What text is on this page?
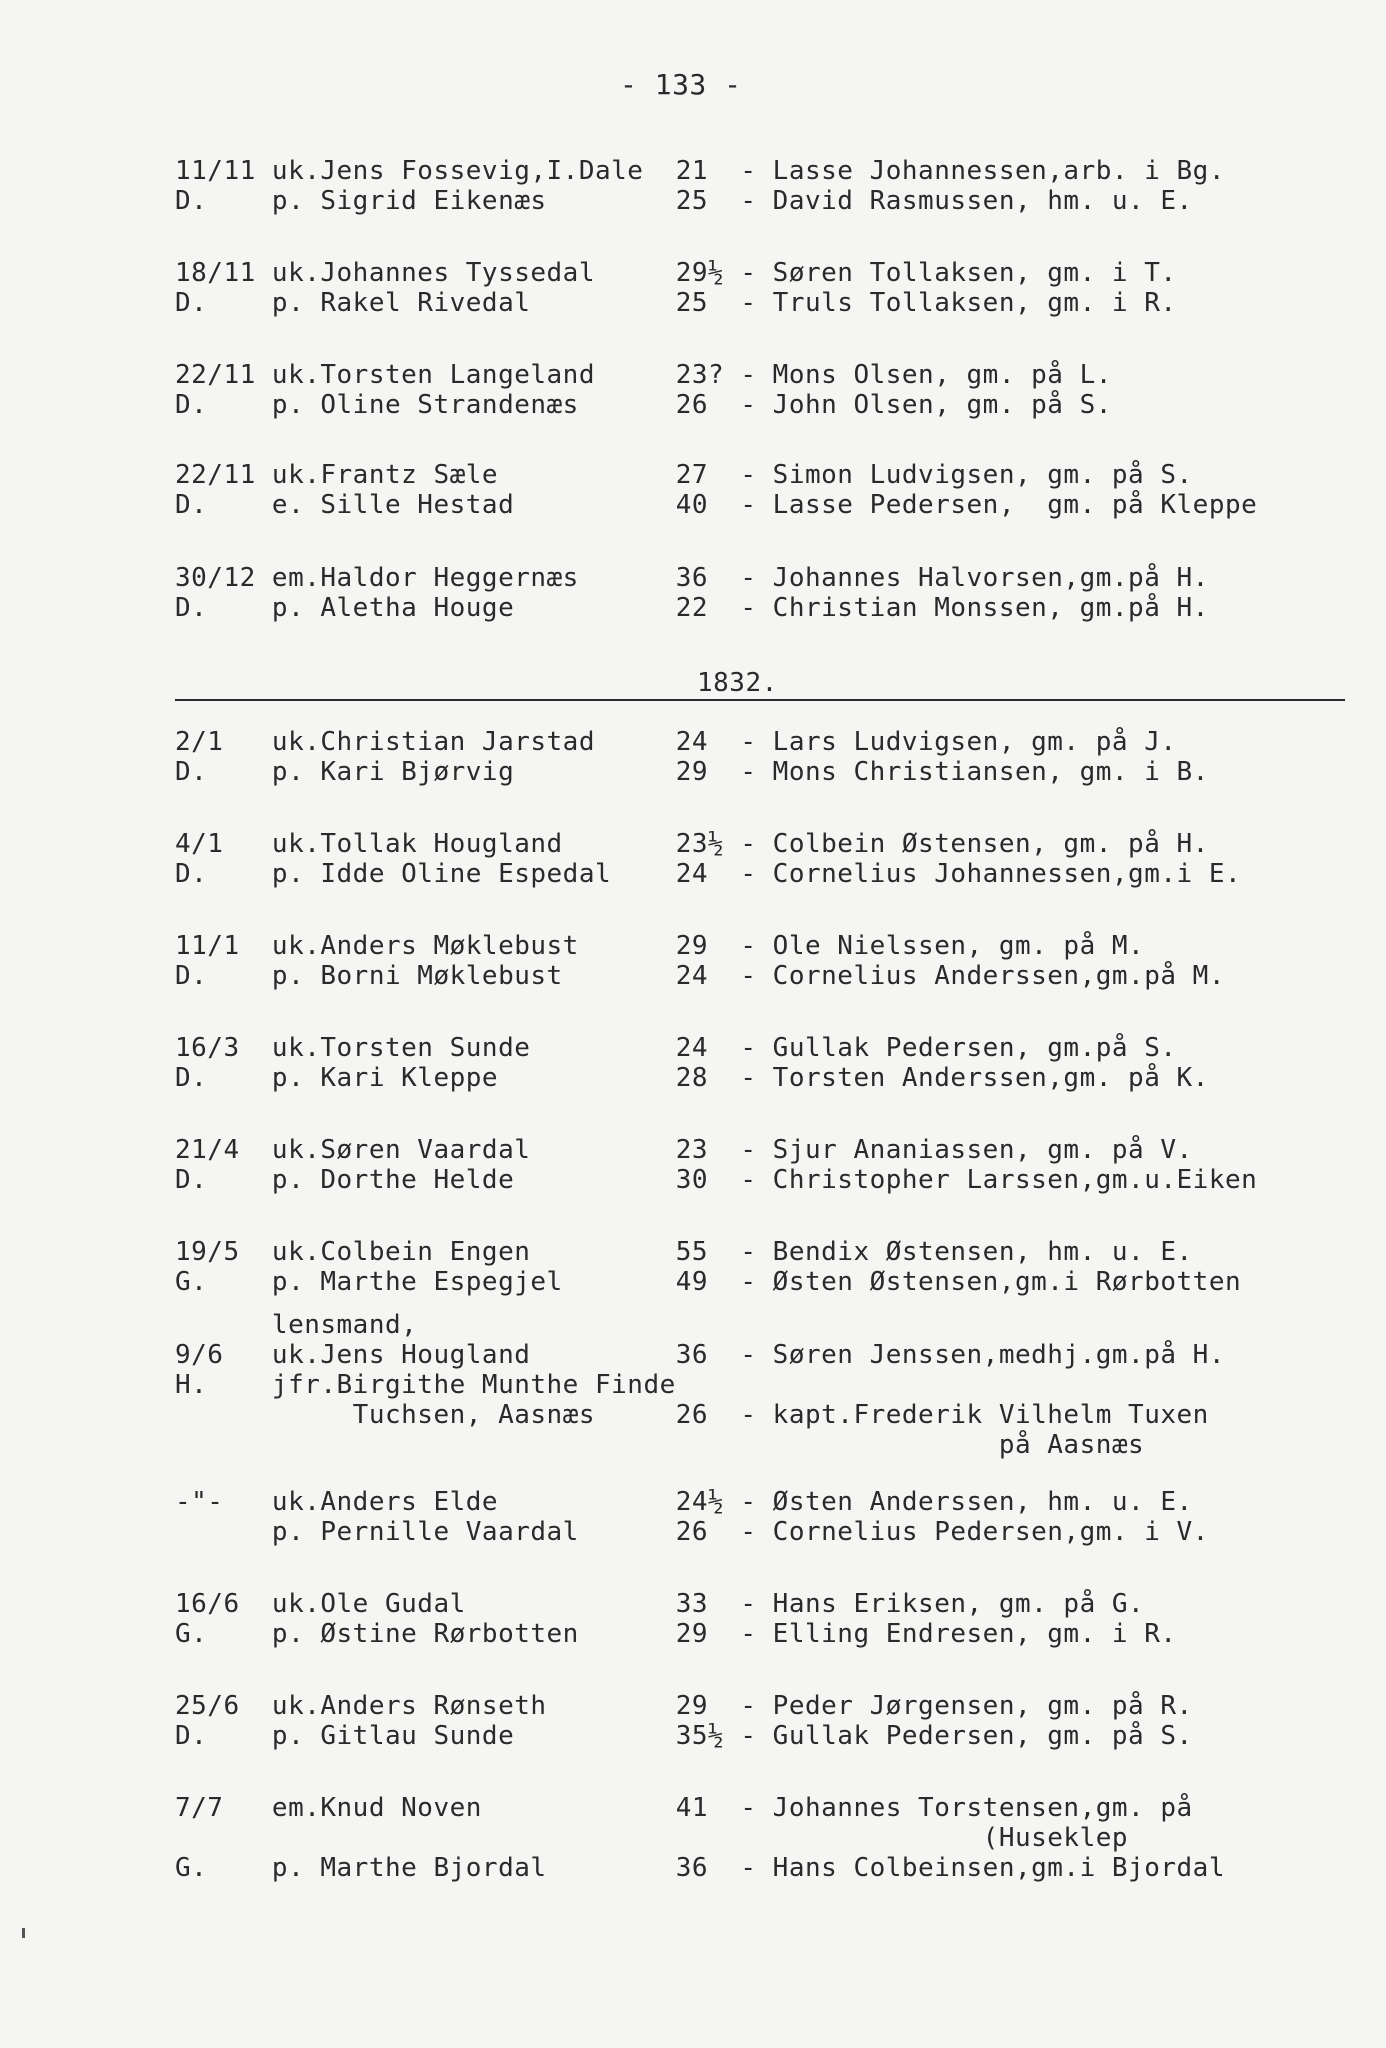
- 133 -
11/11 uk.Jens Fossevig,I.Dale  21  - Lasse Johannessen,arb. i Bg.
D.    p. Sigrid Eikenæs        25  - David Rasmussen, hm. u. E.
18/11 uk.Johannes Tyssedal     29½ - Søren Tollaksen, gm. i T.
D.    p. Rakel Rivedal         25  - Truls Tollaksen, gm. i R.
22/11 uk.Torsten Langeland     23? - Mons Olsen, gm. på L.
D.    p. Oline Strandenæs      26  - John Olsen, gm. på S.
22/11 uk.Frantz Sæle           27  - Simon Ludvigsen, gm. på S.
D.    e. Sille Hestad          40  - Lasse Pedersen,  gm. på Kleppe
30/12 em.Haldor Heggernæs      36  - Johannes Halvorsen,gm.på H.
D.    p. Aletha Houge          22  - Christian Monssen, gm.på H.
1832.
2/1   uk.Christian Jarstad     24  - Lars Ludvigsen, gm. på J.
D.    p. Kari Bjørvig          29  - Mons Christiansen, gm. i B.
4/1   uk.Tollak Hougland       23½ - Colbein Østensen, gm. på H.
D.    p. Idde Oline Espedal    24  - Cornelius Johannessen,gm.i E.
11/1  uk.Anders Møklebust      29  - Ole Nielssen, gm. på M.
D.    p. Borni Møklebust       24  - Cornelius Anderssen,gm.på M.
16/3  uk.Torsten Sunde         24  - Gullak Pedersen, gm.på S.
D.    p. Kari Kleppe           28  - Torsten Anderssen,gm. på K.
21/4  uk.Søren Vaardal         23  - Sjur Ananiassen, gm. på V.
D.    p. Dorthe Helde          30  - Christopher Larssen,gm.u.Eiken
19/5  uk.Colbein Engen         55  - Bendix Østensen, hm. u. E.
G.    p. Marthe Espegjel       49  - Østen Østensen,gm.i Rørbotten
lensmand,
9/6   uk.Jens Hougland         36  - Søren Jenssen,medhj.gm.på H.
H.    jfr.Birgithe Munthe Finde
Tuchsen, Aasnæs     26  - kapt.Frederik Vilhelm Tuxen
på Aasnæs
-"-   uk.Anders Elde           24½ - Østen Anderssen, hm. u. E.
p. Pernille Vaardal      26  - Cornelius Pedersen,gm. i V.
16/6  uk.Ole Gudal             33  - Hans Eriksen, gm. på G.
G.    p. Østine Rørbotten      29  - Elling Endresen, gm. i R.
25/6  uk.Anders Rønseth        29  - Peder Jørgensen, gm. på R.
D.    p. Gitlau Sunde          35½ - Gullak Pedersen, gm. på S.
7/7   em.Knud Noven            41  - Johannes Torstensen,gm. på
(Huseklep
G.    p. Marthe Bjordal        36  - Hans Colbeinsen,gm.i Bjordal
